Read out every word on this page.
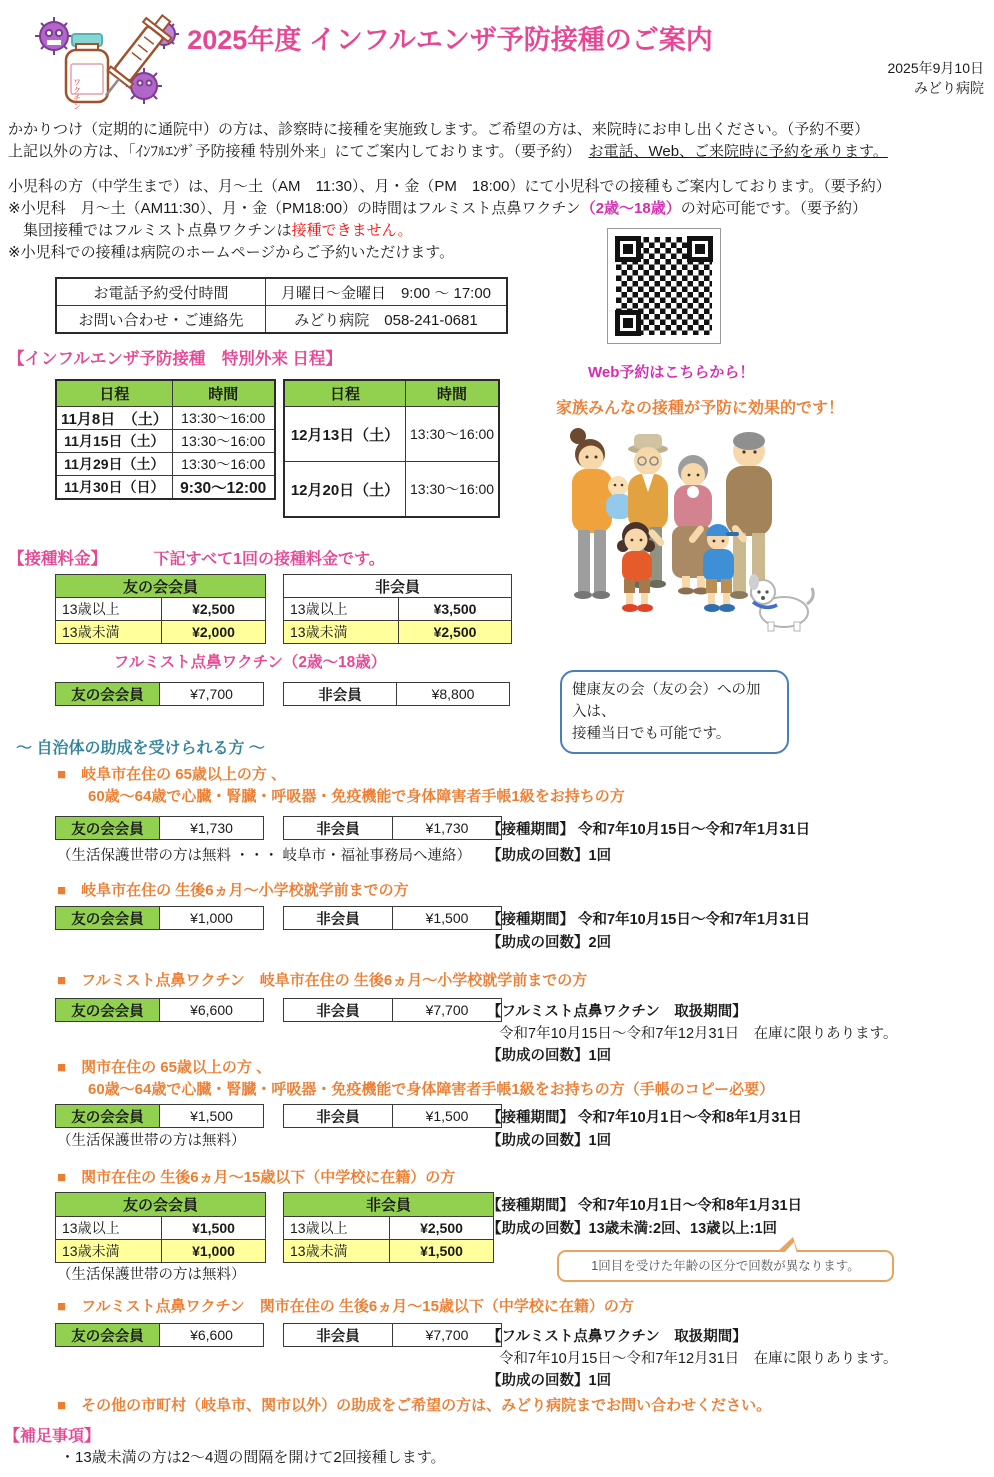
ワクチン
2025年度 インフルエンザ予防接種のご案内
2025年9月10日
みどり病院
かかりつけ（定期的に通院中）の方は、診察時に接種を実施致します。ご希望の方は、来院時にお申し出ください。（予約不要）
上記以外の方は、「ｲﾝﾌﾙｴﾝｻﾞ予防接種 特別外来」にてご案内しております。（要予約）　お電話、Web、ご来院時に予約を承ります。
小児科の方（中学生まで）は、月～土（AM　11:30）、月・金（PM　18:00）にて小児科での接種もご案内しております。（要予約）
※小児科　月～土（AM11:30）、月・金（PM18:00）の時間はフルミスト点鼻ワクチン（2歳～18歳）の対応可能です。（要予約）
　集団接種ではフルミスト点鼻ワクチンは接種できません。
※小児科での接種は病院のホームページからご予約いただけます。
お電話予約受付時間	月曜日～金曜日　9:00 ～ 17:00
お問い合わせ・ご連絡先	みどり病院　058-241-0681
Web予約はこちらから！
家族みんなの接種が予防に効果的です！
健康友の会（友の会）への加
入は、
接種当日でも可能です。
【インフルエンザ予防接種　特別外来 日程】
日程	時間
11月8日　（土）	13:30～16:00
11月15日（土）	13:30～16:00
11月29日（土）	13:30～16:00
11月30日（日）	9:30～12:00
日程	時間
12月13日（土）	13:30～16:00
12月20日（土）	13:30～16:00
【接種料金】	下記すべて1回の接種料金です。
友の会会員	
13歳以上	¥2,500
13歳未満	¥2,000
非会員	
13歳以上	¥3,500
13歳未満	¥2,500
フルミスト点鼻ワクチン（2歳～18歳）
友の会会員	¥7,700	非会員	¥8,800
～ 自治体の助成を受けられる方 ～
■　 岐阜市在住の 65歳以上の方 、
60歳～64歳で心臓・腎臓・呼吸器・免疫機能で身体障害者手帳1級をお持ちの方
友の会会員	¥1,730	非会員	¥1,730 【接種期間】 令和7年10月15日～令和7年1月31日
（生活保護世帯の方は無料 ・・・ 岐阜市・福祉事務局へ連絡） 【助成の回数】1回
■　 岐阜市在住の 生後6ヵ月～小学校就学前までの方
友の会会員	¥1,000	非会員	¥1,500 【接種期間】 令和7年10月15日～令和7年1月31日
【助成の回数】2回
■　 フルミスト点鼻ワクチン　岐阜市在住の 生後6ヵ月～小学校就学前までの方
友の会会員	¥6,600	非会員	¥7,700 【フルミスト点鼻ワクチン　取扱期間】
令和7年10月15日～令和7年12月31日　在庫に限りあります。
【助成の回数】1回
■　 関市在住の 65歳以上の方 、
60歳～64歳で心臓・腎臓・呼吸器・免疫機能で身体障害者手帳1級をお持ちの方（手帳のコピー必要）
友の会会員	¥1,500	非会員	¥1,500 【接種期間】 令和7年10月1日～令和8年1月31日
（生活保護世帯の方は無料）	【助成の回数】1回
■　 関市在住の 生後6ヵ月～15歳以下（中学校に在籍）の方
友の会会員	
13歳以上	¥1,500
13歳未満	¥1,000
非会員	
13歳以上	¥2,500
13歳未満	¥1,500
【接種期間】 令和7年10月1日～令和8年1月31日
【助成の回数】13歳未満:2回、13歳以上:1回
（生活保護世帯の方は無料）
1回目を受けた年齢の区分で回数が異なります。
■　 フルミスト点鼻ワクチン　関市在住の 生後6ヵ月～15歳以下（中学校に在籍）の方
友の会会員	¥6,600	非会員	¥7,700 【フルミスト点鼻ワクチン　取扱期間】
令和7年10月15日～令和7年12月31日　在庫に限りあります。
【助成の回数】1回
■　 その他の市町村（岐阜市、関市以外）の助成をご希望の方は、みどり病院までお問い合わせください。
【補足事項】
・13歳未満の方は2～4週の間隔を開けて2回接種します。
